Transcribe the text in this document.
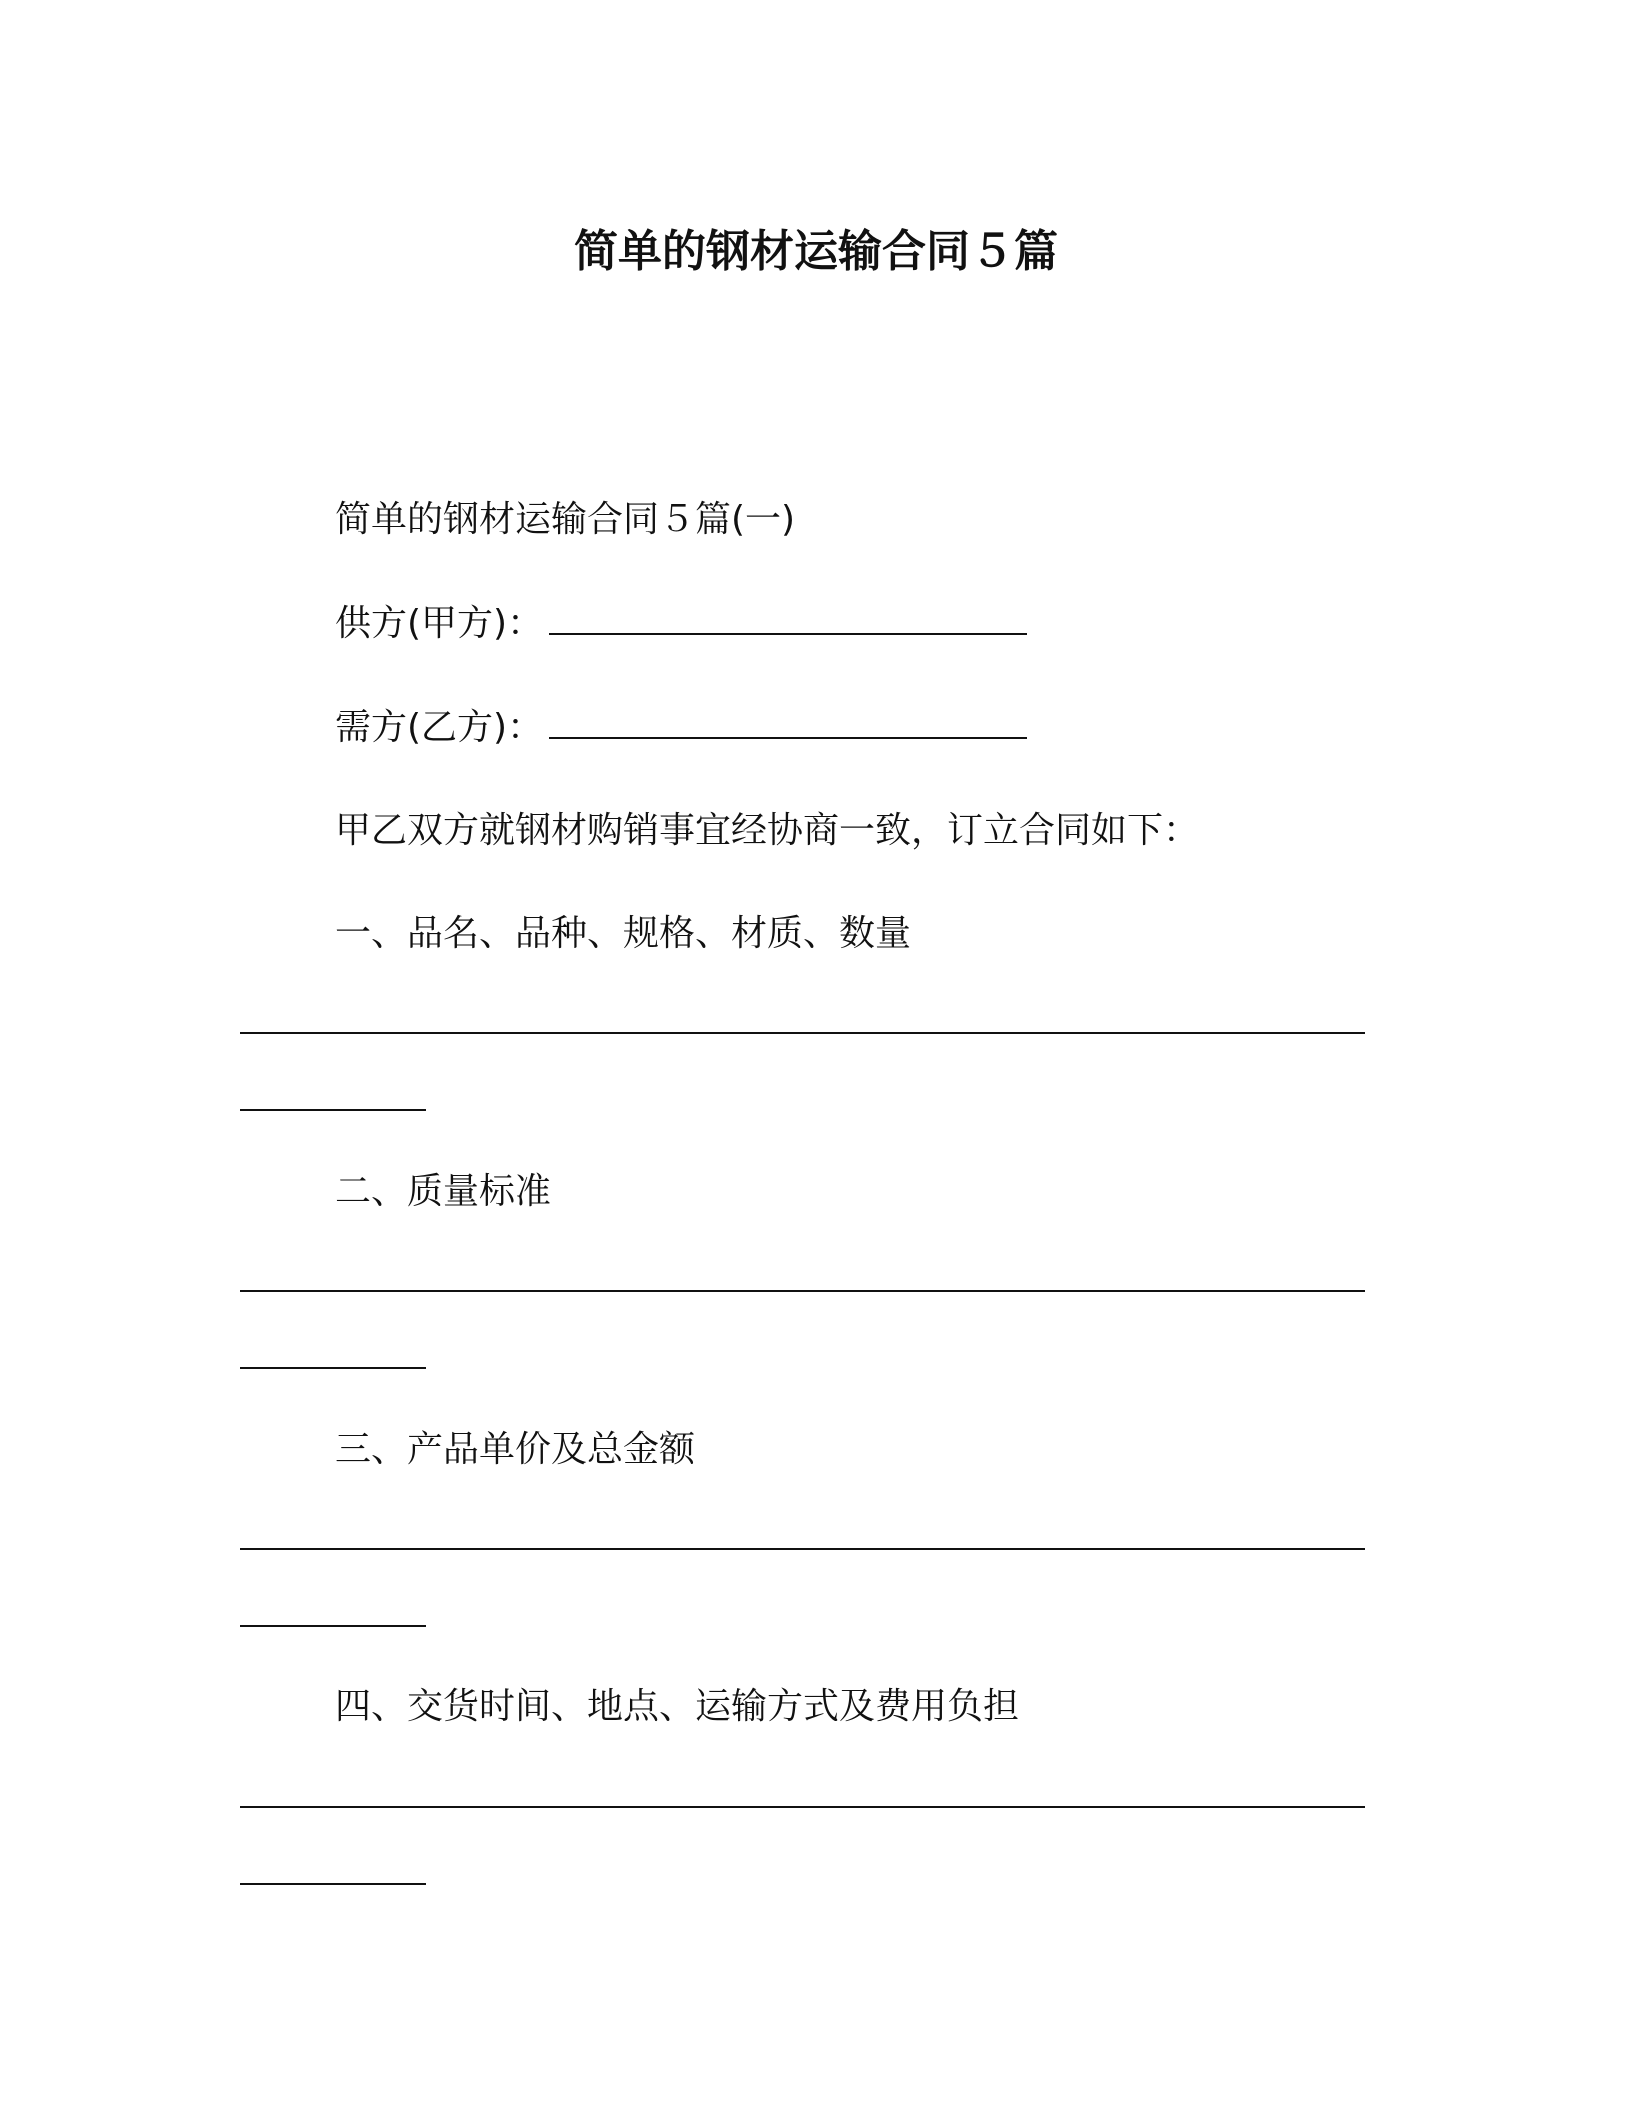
简单的钢材运输合同５篇
简单的钢材运输合同５篇(一)
供方(甲方)：
需方(乙方)：
甲乙双方就钢材购销事宜经协商一致，订立合同如下：
一、品名、品种、规格、材质、数量
二、质量标准
三、产品单价及总金额
四、交货时间、地点、运输方式及费用负担
